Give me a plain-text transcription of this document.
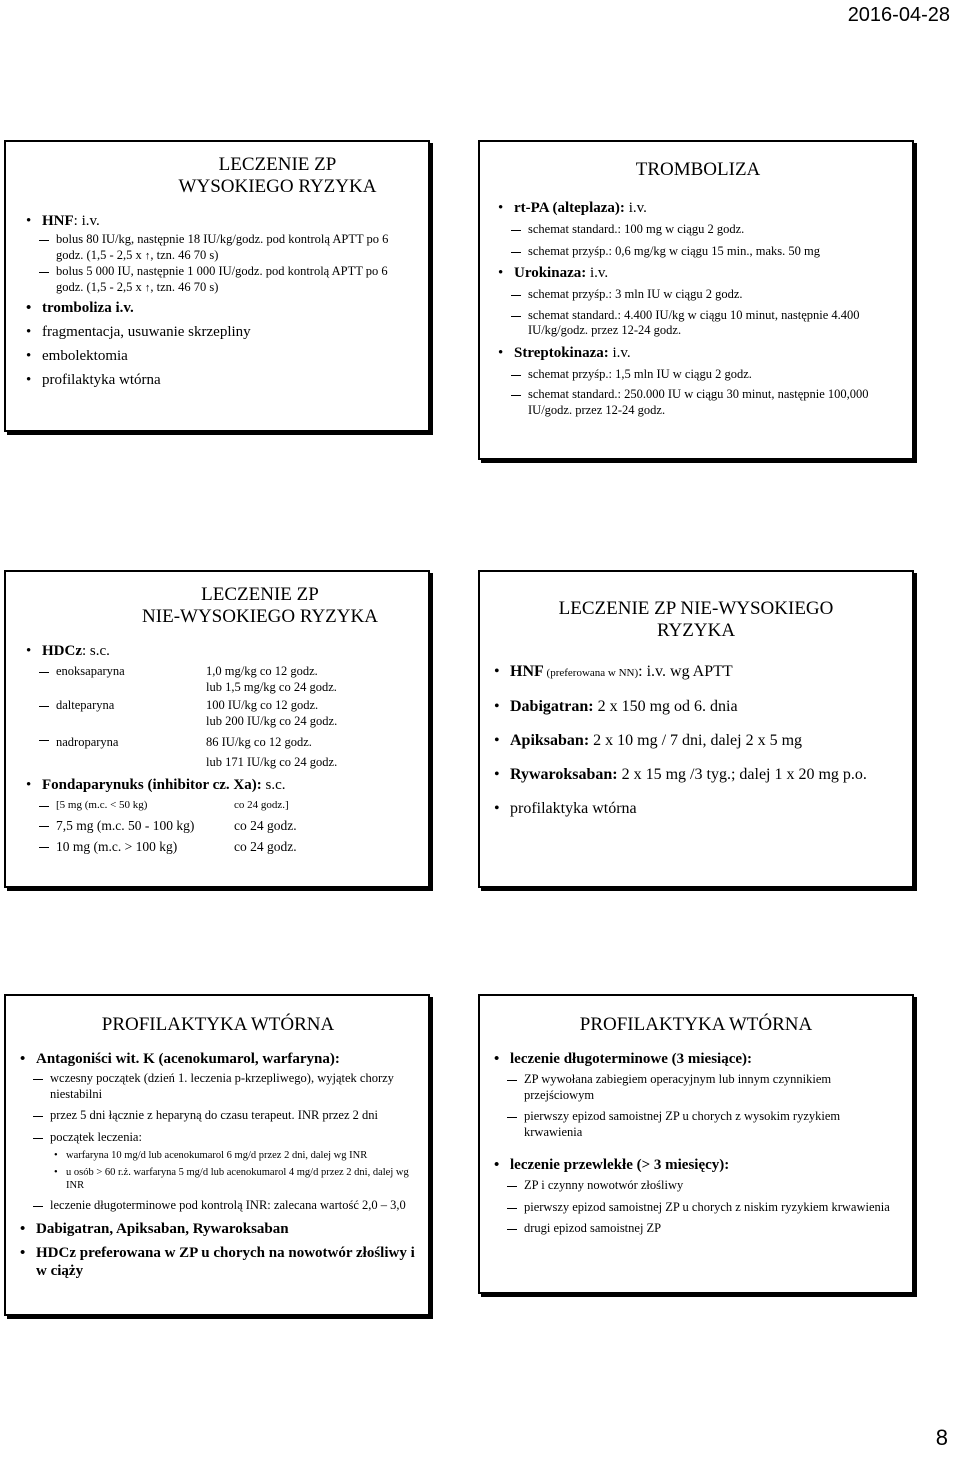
2016-04-28

LECZENIE ZP
WYSOKIEGO RYZYKA

• HNF: i.v.

bolus 80 IU/kg, następnie 18 IU/kg/godz. pod kontrolą APTT po 6 godz. (1,5 - 2,5 x ↑, tzn. 46 70 s)

bolus 5 000 IU, następnie 1 000 IU/godz. pod kontrolą APTT po 6 godz. (1,5 - 2,5 x ↑, tzn. 46 70 s)

• tromboliza i.v.

• fragmentacja, usuwanie skrzepliny

• embolektomia

• profilaktyka wtórna

TROMBOLIZA

• rt-PA (alteplaza): i.v.

schemat standard.: 100 mg w ciągu 2 godz.

schemat przyśp.: 0,6 mg/kg w ciągu 15 min., maks. 50 mg

• Urokinaza: i.v.

schemat przyśp.: 3 mln IU w ciągu 2 godz.

schemat standard.: 4.400 IU/kg w ciągu 10 minut, następnie 4.400 IU/kg/godz. przez 12-24 godz.

• Streptokinaza: i.v.

schemat przyśp.: 1,5 mln IU w ciągu 2 godz.

schemat standard.: 250.000 IU w ciągu 30 minut, następnie 100,000 IU/godz. przez 12-24 godz.

LECZENIE ZP
NIE-WYSOKIEGO RYZYKA

• HDCz: s.c.

enoksaparyna	1,0 mg/kg co 12 godz.
lub 1,5 mg/kg co 24 godz.
dalteparyna	100 IU/kg co 12 godz.
lub 200 IU/kg co 24 godz.
nadroparyna	86 IU/kg co 12 godz.
lub 171 IU/kg co 24 godz.

• Fondaparynuks (inhibitor cz. Xa): s.c.

[5 mg (m.c. < 50 kg)	co 24 godz.]
7,5 mg (m.c. 50 - 100 kg)	co 24 godz.
10 mg (m.c. > 100 kg)	co 24 godz.

LECZENIE ZP NIE-WYSOKIEGO
RYZYKA

• HNF (preferowana w NN): i.v. wg APTT

• Dabigatran: 2 x 150 mg od 6. dnia

• Apiksaban: 2 x 10 mg / 7 dni, dalej 2 x 5 mg

• Rywaroksaban: 2 x 15 mg /3 tyg.; dalej 1 x 20 mg p.o.

• profilaktyka wtórna

PROFILAKTYKA WTÓRNA

• Antagoniści wit. K (acenokumarol, warfaryna):

wczesny początek (dzień 1. leczenia p-krzepliwego), wyjątek chorzy niestabilni

przez 5 dni łącznie z heparyną do czasu terapeut. INR przez 2 dni

początek leczenia:

• warfaryna 10 mg/d lub acenokumarol 6 mg/d przez 2 dni, dalej wg INR

• u osób > 60 r.ż. warfaryna 5 mg/d lub acenokumarol 4 mg/d przez 2 dni, dalej wg INR

leczenie długoterminowe pod kontrolą INR: zalecana wartość 2,0 – 3,0

• Dabigatran, Apiksaban, Rywaroksaban

• HDCz preferowana w ZP u chorych na nowotwór złośliwy i w ciąży

PROFILAKTYKA WTÓRNA

• leczenie długoterminowe (3 miesiące):

ZP wywołana zabiegiem operacyjnym lub innym czynnikiem przejściowym

pierwszy epizod samoistnej ZP u chorych z wysokim ryzykiem krwawienia

• leczenie przewlekłe (> 3 miesięcy):

ZP i czynny nowotwór złośliwy

pierwszy epizod samoistnej ZP u chorych z niskim ryzykiem krwawienia

drugi epizod samoistnej ZP

8
